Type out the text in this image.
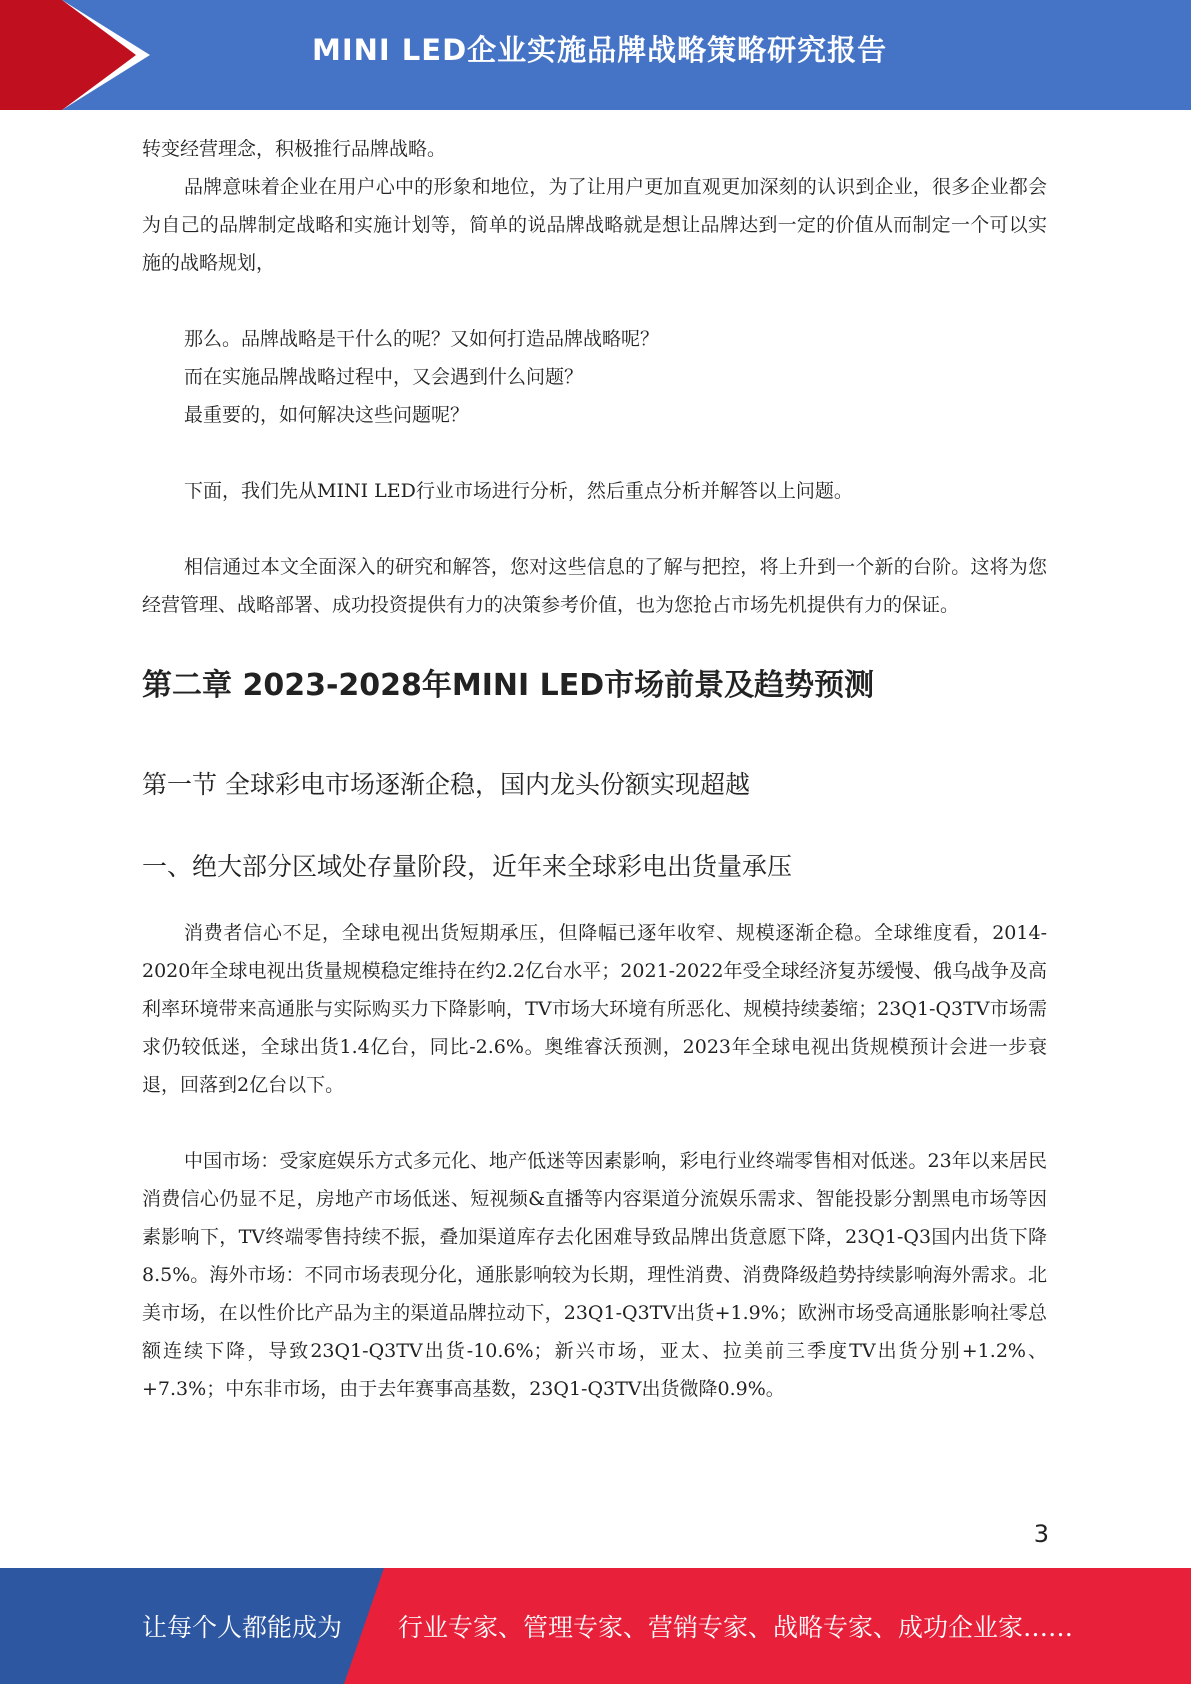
MINI LED企业实施品牌战略策略研究报告

转变经营理念，积极推行品牌战略。

品牌意味着企业在用户心中的形象和地位，为了让用户更加直观更加深刻的认识到企业，很多企业都会为自己的品牌制定战略和实施计划等，简单的说品牌战略就是想让品牌达到一定的价值从而制定一个可以实施的战略规划，

那么。品牌战略是干什么的呢？又如何打造品牌战略呢？

而在实施品牌战略过程中，又会遇到什么问题？

最重要的，如何解决这些问题呢？

下面，我们先从MINI LED行业市场进行分析，然后重点分析并解答以上问题。

相信通过本文全面深入的研究和解答，您对这些信息的了解与把控，将上升到一个新的台阶。这将为您经营管理、战略部署、成功投资提供有力的决策参考价值，也为您抢占市场先机提供有力的保证。

第二章 2023-2028年MINI LED市场前景及趋势预测
第一节 全球彩电市场逐渐企稳，国内龙头份额实现超越
一、绝大部分区域处存量阶段，近年来全球彩电出货量承压

消费者信心不足，全球电视出货短期承压，但降幅已逐年收窄、规模逐渐企稳。全球维度看，2014-2020年全球电视出货量规模稳定维持在约2.2亿台水平；2021-2022年受全球经济复苏缓慢、俄乌战争及高利率环境带来高通胀与实际购买力下降影响，TV市场大环境有所恶化、规模持续萎缩；23Q1-Q3TV市场需求仍较低迷，全球出货1.4亿台，同比-2.6%。奥维睿沃预测，2023年全球电视出货规模预计会进一步衰退，回落到2亿台以下。

中国市场：受家庭娱乐方式多元化、地产低迷等因素影响，彩电行业终端零售相对低迷。23年以来居民消费信心仍显不足，房地产市场低迷、短视频&直播等内容渠道分流娱乐需求、智能投影分割黑电市场等因素影响下，TV终端零售持续不振，叠加渠道库存去化困难导致品牌出货意愿下降，23Q1-Q3国内出货下降8.5%。海外市场：不同市场表现分化，通胀影响较为长期，理性消费、消费降级趋势持续影响海外需求。北美市场，在以性价比产品为主的渠道品牌拉动下，23Q1-Q3TV出货+1.9%；欧洲市场受高通胀影响社零总额连续下降，导致23Q1-Q3TV出货-10.6%；新兴市场，亚太、拉美前三季度TV出货分别+1.2%、+7.3%；中东非市场，由于去年赛事高基数，23Q1-Q3TV出货微降0.9%。

3
让每个人都能成为 行业专家、管理专家、营销专家、战略专家、成功企业家……
